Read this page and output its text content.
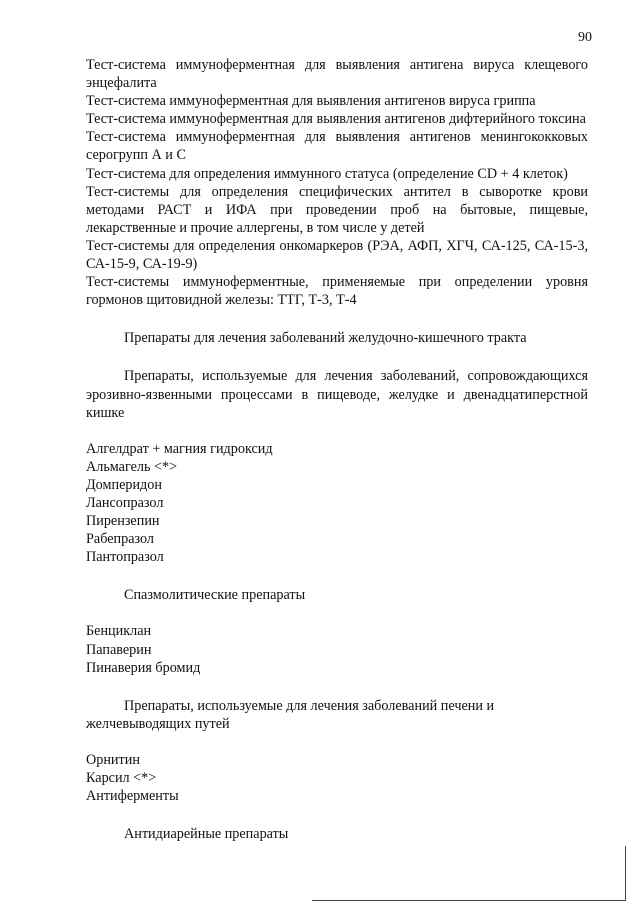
90

Тест-система иммуноферментная для выявления антигена вируса клещевого энцефалита

Тест-система иммуноферментная для выявления антигенов вируса гриппа

Тест-система иммуноферментная для выявления антигенов дифтерийного токсина

Тест-система иммуноферментная для выявления антигенов менингококковых серогрупп А и С

Тест-система для определения иммунного статуса (определение CD + 4 клеток)

Тест-системы для определения специфических антител в сыворотке крови методами РАСТ и ИФА при проведении проб на бытовые, пищевые, лекарственные и прочие аллергены, в том числе у детей

Тест-системы для определения онкомаркеров (РЭА, АФП, ХГЧ, СА-125, СА-15-3, СА-15-9, СА-19-9)

Тест-системы иммуноферментные, применяемые при определении уровня гормонов щитовидной железы: ТТГ, Т-3, Т-4

Препараты для лечения заболеваний желудочно-кишечного тракта

Препараты, используемые для лечения заболеваний, сопровождающихся эрозивно-язвенными процессами в пищеводе, желудке и двенадцатиперстной кишке

Алгелдрат + магния гидроксид

Альмагель <*>

Домперидон

Лансопразол

Пирензепин

Рабепразол

Пантопразол

Спазмолитические препараты

Бенциклан

Папаверин

Пинаверия бромид

Препараты, используемые для лечения заболеваний печени и желчевыводящих путей

Орнитин

Карсил <*>

Антиферменты

Антидиарейные препараты
